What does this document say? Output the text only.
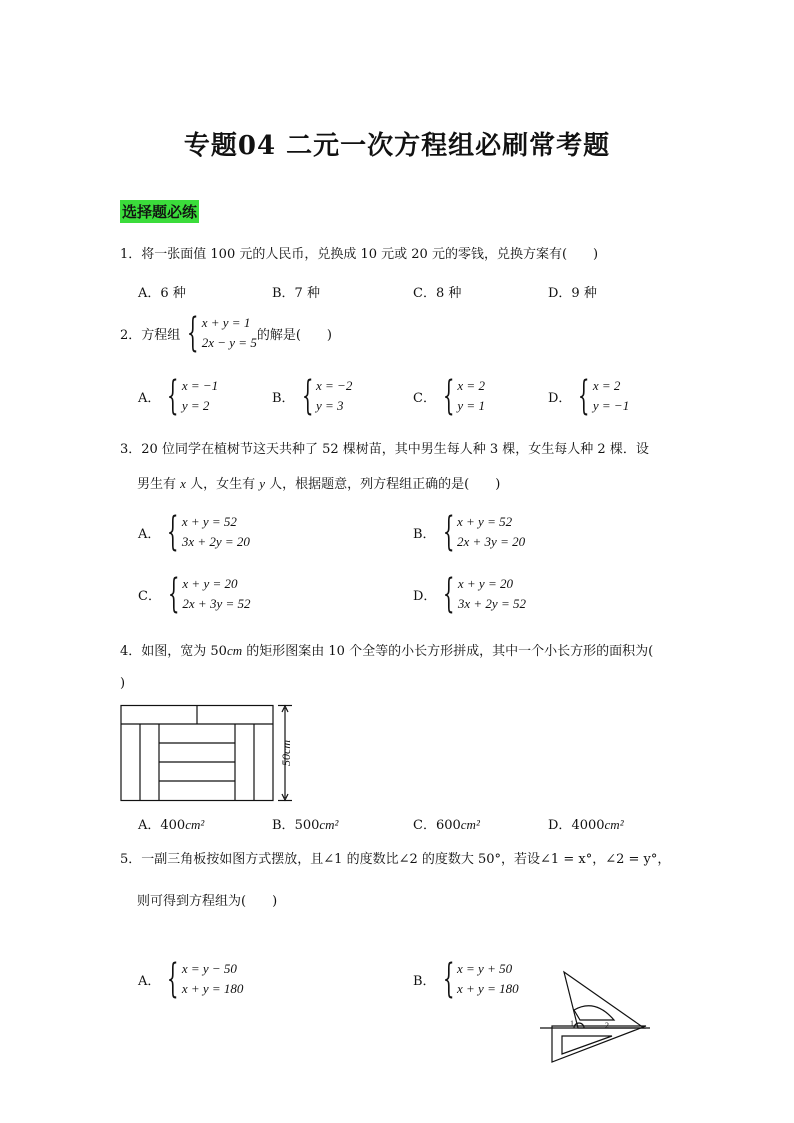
专题04 二元一次方程组必刷常考题
选择题必练
1．将一张面值 100 元的人民币，兑换成 10 元或 20 元的零钱，兑换方案有(　　)
A．6 种	B．7 种	C．8 种	D．9 种
2．方程组 { x + y = 1
2x − y = 5 的解是(　　)
A． { x = −1
y = 2	B． { x = −2
y = 3	C． { x = 2
y = 1	D． { x = 2
y = −1
3．20 位同学在植树节这天共种了 52 棵树苗，其中男生每人种 3 棵，女生每人种 2 棵．设
男生有 x 人，女生有 y 人，根据题意，列方程组正确的是(　　)
A． { x + y = 52
3x + 2y = 20	B． { x + y = 52
2x + 3y = 20
C． { x + y = 20
2x + 3y = 52	D． { x + y = 20
3x + 2y = 52
4．如图，宽为 50cm 的矩形图案由 10 个全等的小长方形拼成，其中一个小长方形的面积为(
)
50cm
A．400cm²	B．500cm²	C．600cm²	D．4000cm²
5．一副三角板按如图方式摆放，且∠1 的度数比∠2 的度数大 50°，若设∠1 = x°，∠2 = y°，
则可得到方程组为(　　)
A． { x = y − 50
x + y = 180	B． { x = y + 50
x + y = 180
1	2
